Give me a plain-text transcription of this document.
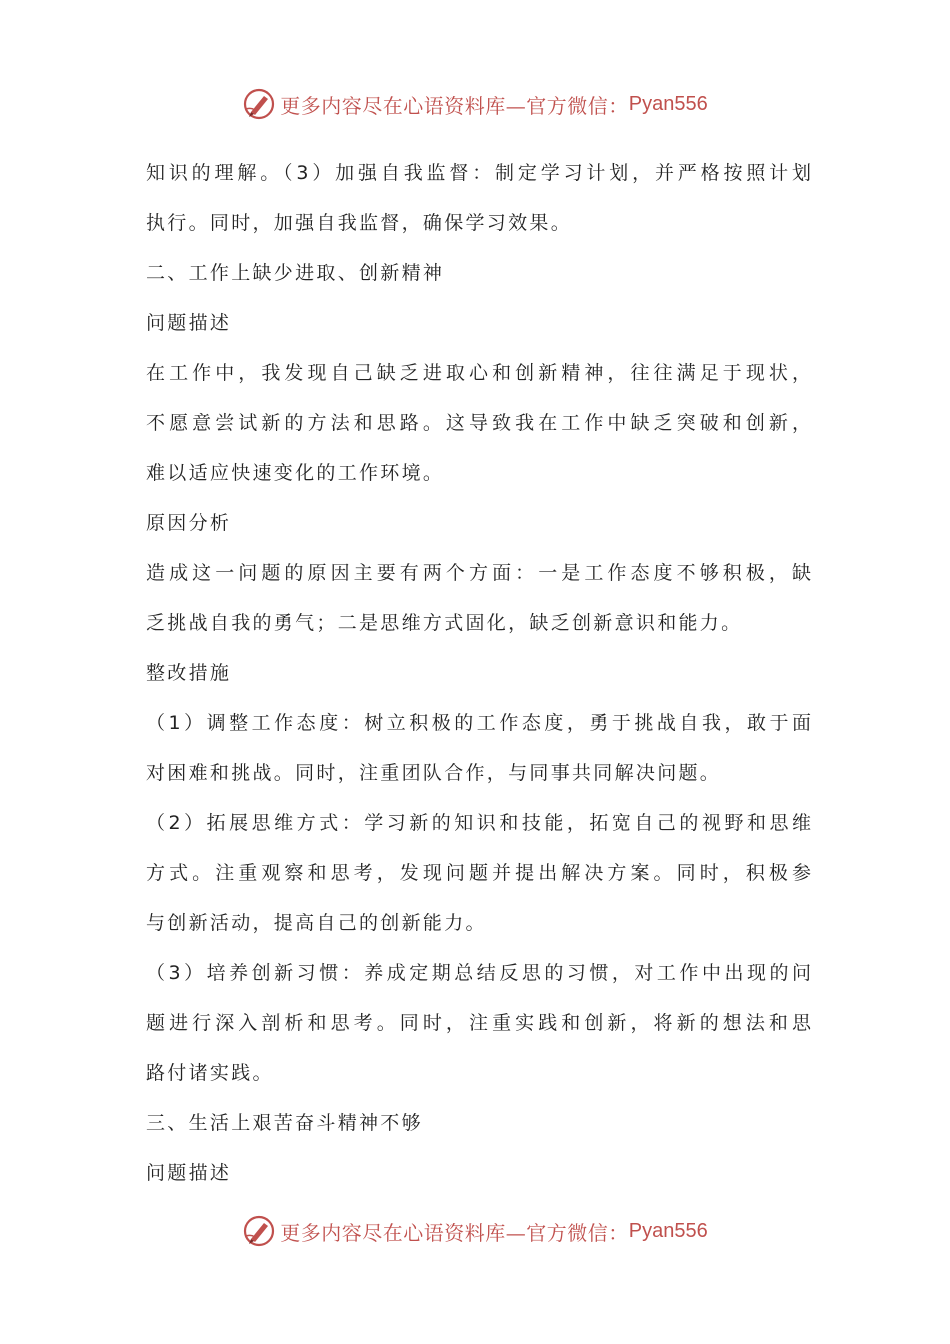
更多内容尽在心语资料库—官方微信： Pyan556
知识的理解。（3）加强自我监督：制定学习计划，并严格按照计划
执行。同时，加强自我监督，确保学习效果。
二、工作上缺少进取、创新精神
问题描述
在工作中，我发现自己缺乏进取心和创新精神，往往满足于现状，
不愿意尝试新的方法和思路。这导致我在工作中缺乏突破和创新，
难以适应快速变化的工作环境。
原因分析
造成这一问题的原因主要有两个方面：一是工作态度不够积极，缺
乏挑战自我的勇气；二是思维方式固化，缺乏创新意识和能力。
整改措施
（1）调整工作态度：树立积极的工作态度，勇于挑战自我，敢于面
对困难和挑战。同时，注重团队合作，与同事共同解决问题。
（2）拓展思维方式：学习新的知识和技能，拓宽自己的视野和思维
方式。注重观察和思考，发现问题并提出解决方案。同时，积极参
与创新活动，提高自己的创新能力。
（3）培养创新习惯：养成定期总结反思的习惯，对工作中出现的问
题进行深入剖析和思考。同时，注重实践和创新，将新的想法和思
路付诸实践。
三、生活上艰苦奋斗精神不够
问题描述
更多内容尽在心语资料库—官方微信： Pyan556
